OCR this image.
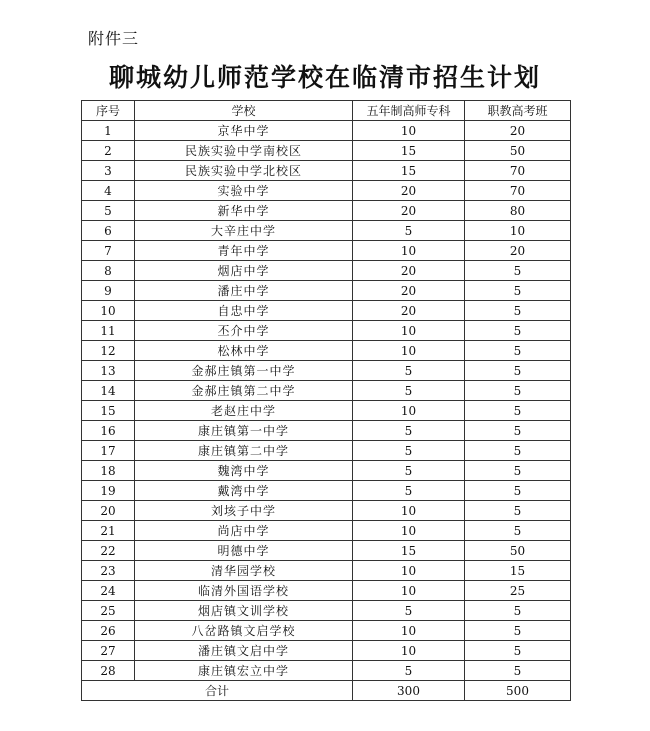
附件三
聊城幼儿师范学校在临清市招生计划
序号	学校	五年制高师专科	职教高考班
1	京华中学	10	20
2	民族实验中学南校区	15	50
3	民族实验中学北校区	15	70
4	实验中学	20	70
5	新华中学	20	80
6	大辛庄中学	5	10
7	青年中学	10	20
8	烟店中学	20	5
9	潘庄中学	20	5
10	自忠中学	20	5
11	丕介中学	10	5
12	松林中学	10	5
13	金郝庄镇第一中学	5	5
14	金郝庄镇第二中学	5	5
15	老赵庄中学	10	5
16	康庄镇第一中学	5	5
17	康庄镇第二中学	5	5
18	魏湾中学	5	5
19	戴湾中学	5	5
20	刘垓子中学	10	5
21	尚店中学	10	5
22	明德中学	15	50
23	清华园学校	10	15
24	临清外国语学校	10	25
25	烟店镇文训学校	5	5
26	八岔路镇文启学校	10	5
27	潘庄镇文启中学	10	5
28	康庄镇宏立中学	5	5
合计		300	500
